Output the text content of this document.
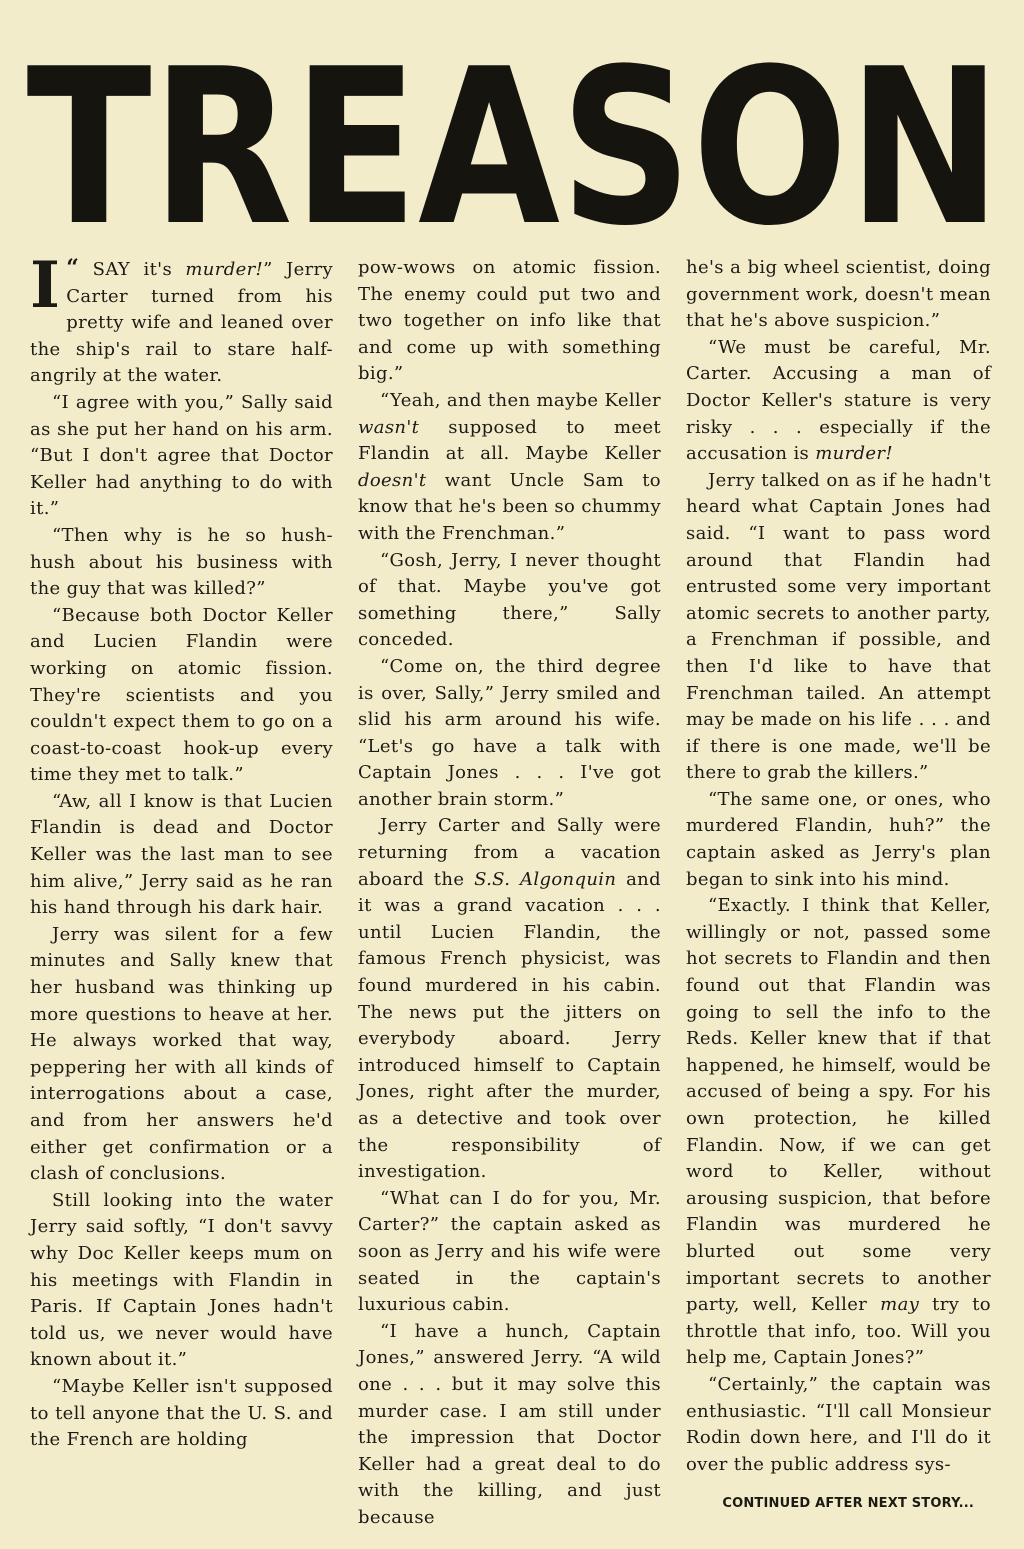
TREASON

“
I SAY it's murder!” Jerry Carter turned from his pretty wife and leaned over the ship's rail to stare half-angrily at the water.

“I agree with you,” Sally said as she put her hand on his arm. “But I don't agree that Doctor Keller had anything to do with it.”

“Then why is he so hush-hush about his business with the guy that was killed?”

“Because both Doctor Keller and Lucien Flandin were working on atomic fission. They're scientists and you couldn't expect them to go on a coast-to-coast hook-up every time they met to talk.”

“Aw, all I know is that Lucien Flandin is dead and Doctor Keller was the last man to see him alive,” Jerry said as he ran his hand through his dark hair.

Jerry was silent for a few minutes and Sally knew that her husband was thinking up more questions to heave at her. He always worked that way, peppering her with all kinds of interrogations about a case, and from her answers he'd either get confirmation or a clash of conclusions.

Still looking into the water Jerry said softly, “I don't savvy why Doc Keller keeps mum on his meetings with Flandin in Paris. If Captain Jones hadn't told us, we never would have known about it.”

“Maybe Keller isn't supposed to tell anyone that the U. S. and the French are holding

pow-wows on atomic fission. The enemy could put two and two together on info like that and come up with something big.”

“Yeah, and then maybe Keller wasn't supposed to meet Flandin at all. Maybe Keller doesn't want Uncle Sam to know that he's been so chummy with the Frenchman.”

“Gosh, Jerry, I never thought of that. Maybe you've got something there,” Sally conceded.

“Come on, the third degree is over, Sally,” Jerry smiled and slid his arm around his wife. “Let's go have a talk with Captain Jones . . . I've got another brain storm.”

Jerry Carter and Sally were returning from a vacation aboard the S.S. Algonquin and it was a grand vacation . . . until Lucien Flandin, the famous French physicist, was found murdered in his cabin. The news put the jitters on everybody aboard. Jerry introduced himself to Captain Jones, right after the murder, as a detective and took over the responsibility of investigation.

“What can I do for you, Mr. Carter?” the captain asked as soon as Jerry and his wife were seated in the captain's luxurious cabin.

“I have a hunch, Captain Jones,” answered Jerry. “A wild one . . . but it may solve this murder case. I am still under the impression that Doctor Keller had a great deal to do with the killing, and just because

he's a big wheel scientist, doing government work, doesn't mean that he's above suspicion.”

“We must be careful, Mr. Carter. Accusing a man of Doctor Keller's stature is very risky . . . especially if the accusation is murder!

Jerry talked on as if he hadn't heard what Captain Jones had said. “I want to pass word around that Flandin had entrusted some very important atomic secrets to another party, a Frenchman if possible, and then I'd like to have that Frenchman tailed. An attempt may be made on his life . . . and if there is one made, we'll be there to grab the killers.”

“The same one, or ones, who murdered Flandin, huh?” the captain asked as Jerry's plan began to sink into his mind.

“Exactly. I think that Keller, willingly or not, passed some hot secrets to Flandin and then found out that Flandin was going to sell the info to the Reds. Keller knew that if that happened, he himself, would be accused of being a spy. For his own protection, he killed Flandin. Now, if we can get word to Keller, without arousing suspicion, that before Flandin was murdered he blurted out some very important secrets to another party, well, Keller may try to throttle that info, too. Will you help me, Captain Jones?”

“Certainly,” the captain was enthusiastic. “I'll call Monsieur Rodin down here, and I'll do it over the public address sys-

CONTINUED AFTER NEXT STORY...
